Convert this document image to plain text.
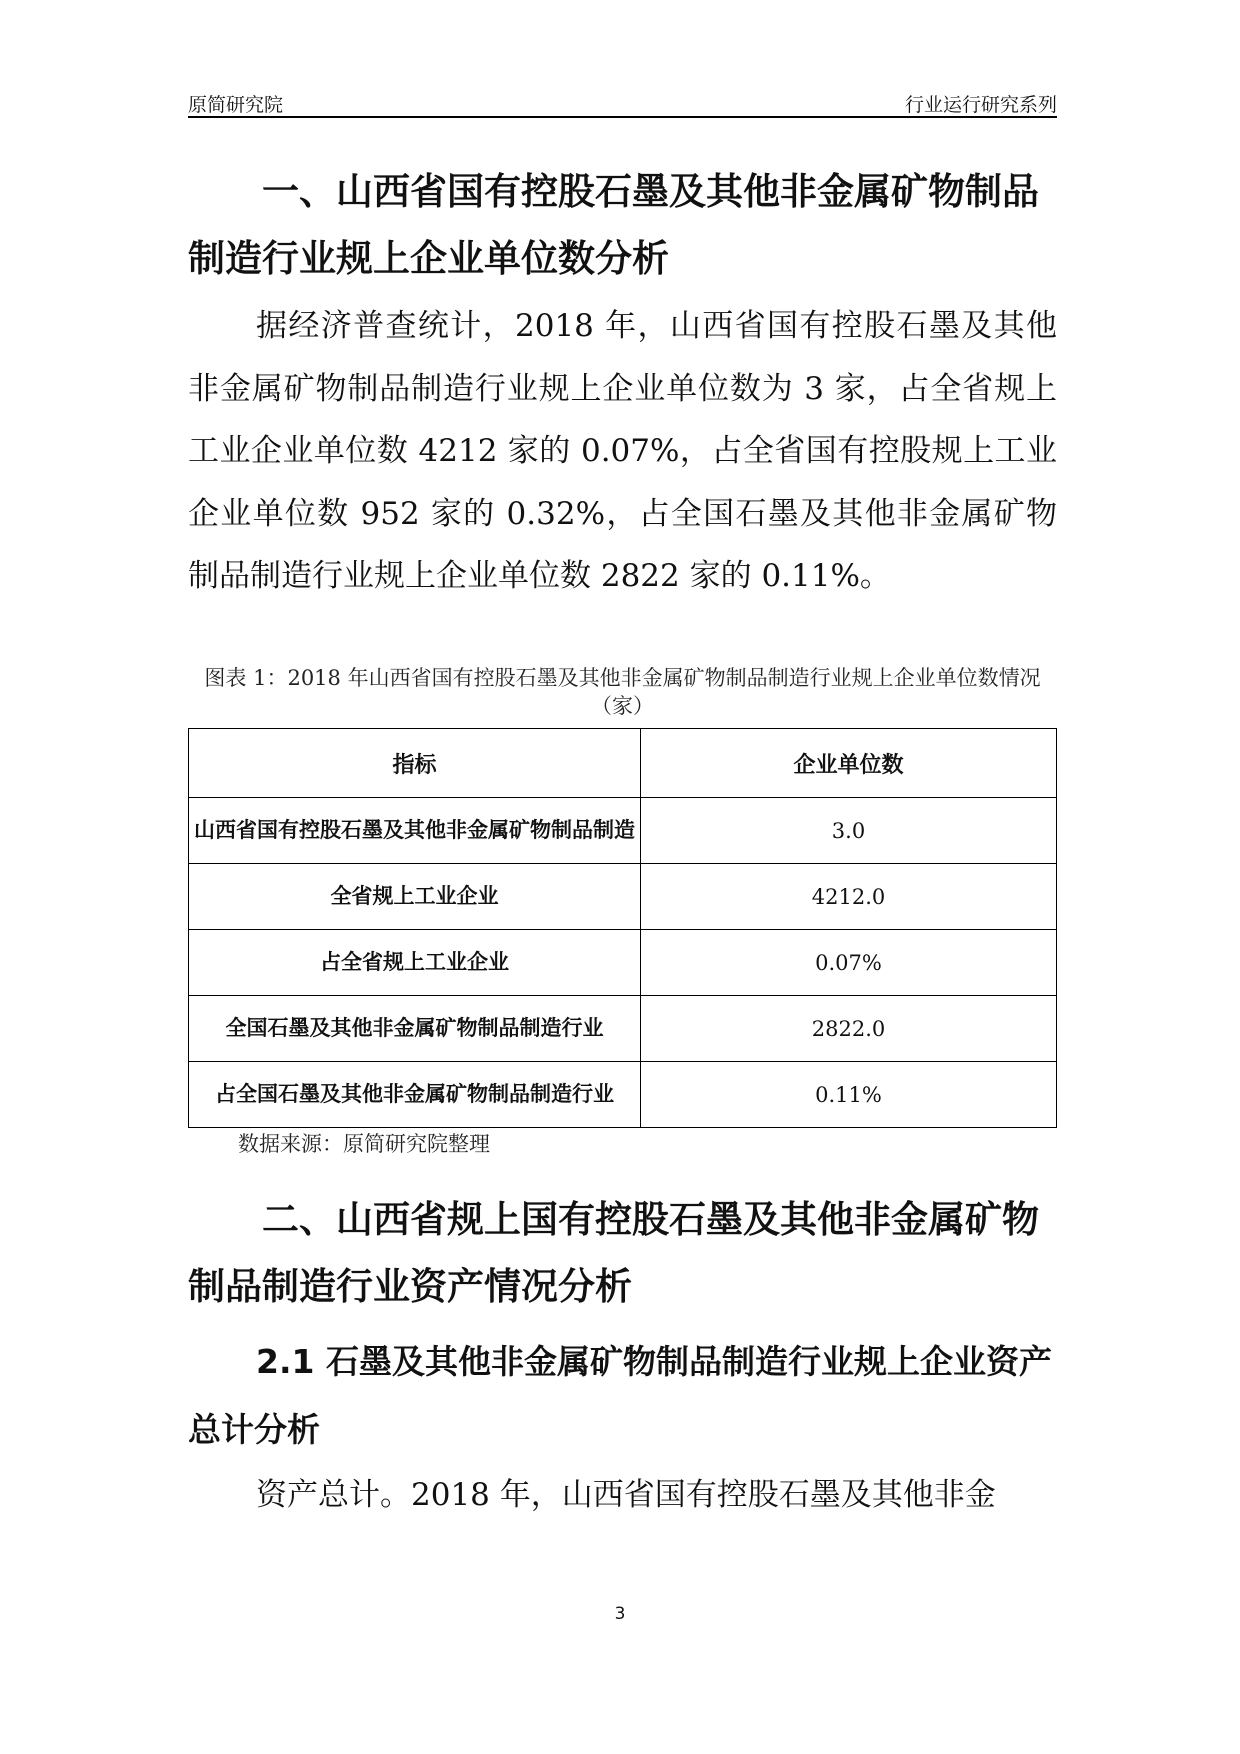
原简研究院	行业运行研究系列
一、山西省国有控股石墨及其他非金属矿物制品制造行业规上企业单位数分析
据经济普查统计，2018 年，山西省国有控股石墨及其他非金属矿物制品制造行业规上企业单位数为 3 家，占全省规上工业企业单位数 4212 家的 0.07%，占全省国有控股规上工业企业单位数 952 家的 0.32%，占全国石墨及其他非金属矿物制品制造行业规上企业单位数 2822 家的 0.11%。
图表 1：2018 年山西省国有控股石墨及其他非金属矿物制品制造行业规上企业单位数情况（家）
指标	企业单位数
山西省国有控股石墨及其他非金属矿物制品制造	3.0
全省规上工业企业	4212.0
占全省规上工业企业	0.07%
全国石墨及其他非金属矿物制品制造行业	2822.0
占全国石墨及其他非金属矿物制品制造行业	0.11%
数据来源：原简研究院整理
二、山西省规上国有控股石墨及其他非金属矿物制品制造行业资产情况分析
2.1 石墨及其他非金属矿物制品制造行业规上企业资产总计分析
资产总计。2018 年，山西省国有控股石墨及其他非金
3
